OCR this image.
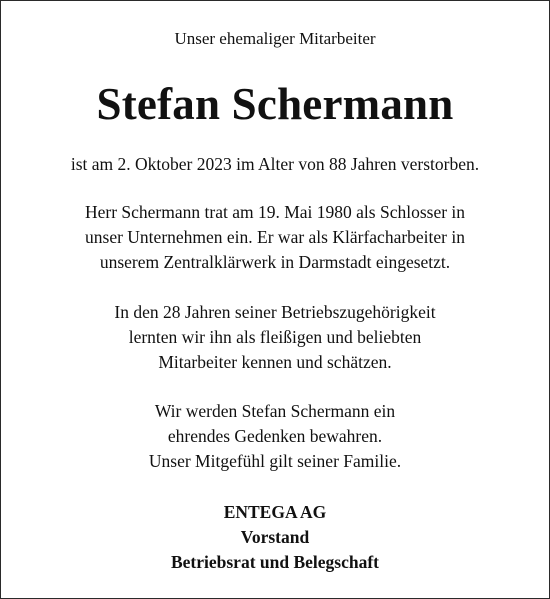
Unser ehemaliger Mitarbeiter
Stefan Schermann
ist am 2. Oktober 2023 im Alter von 88 Jahren verstorben.
Herr Schermann trat am 19. Mai 1980 als Schlosser in
unser Unternehmen ein. Er war als Klärfacharbeiter in
unserem Zentralklärwerk in Darmstadt eingesetzt.
In den 28 Jahren seiner Betriebszugehörigkeit
lernten wir ihn als fleißigen und beliebten
Mitarbeiter kennen und schätzen.
Wir werden Stefan Schermann ein
ehrendes Gedenken bewahren.
Unser Mitgefühl gilt seiner Familie.
ENTEGA AG
Vorstand
Betriebsrat und Belegschaft
